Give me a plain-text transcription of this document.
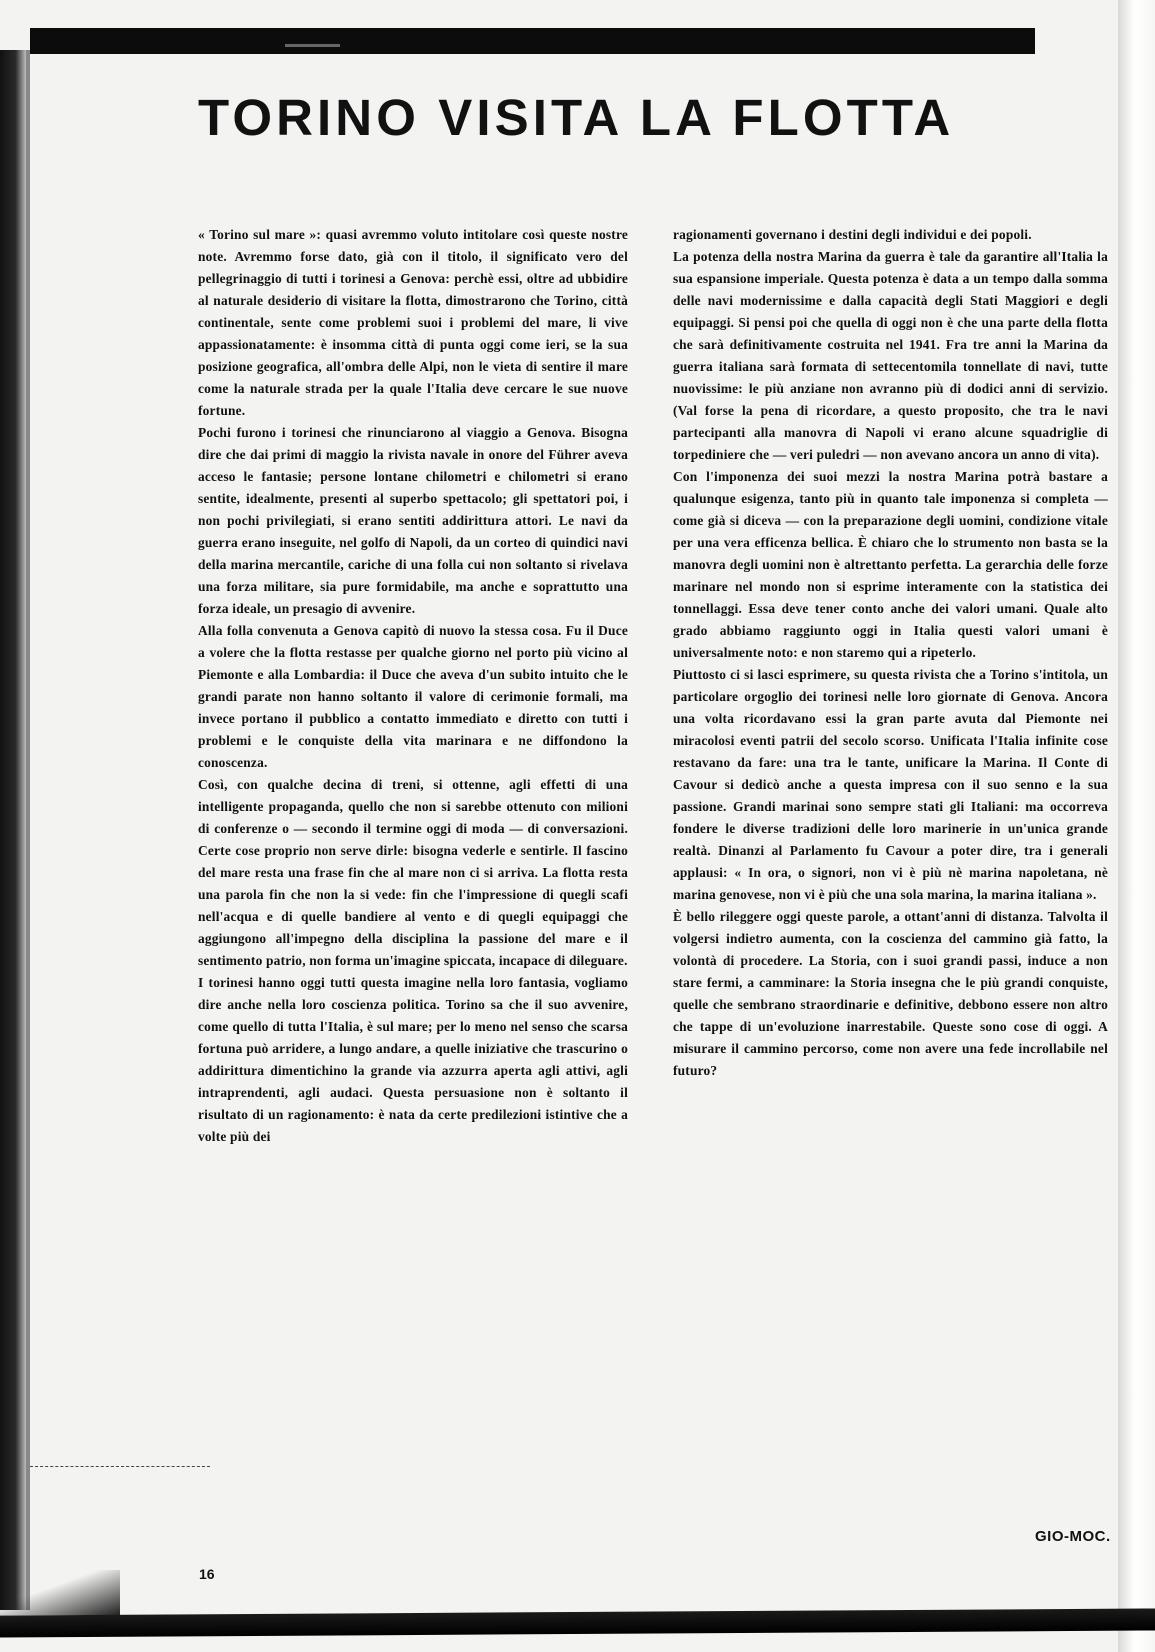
TORINO VISITA LA FLOTTA

« Torino sul mare »: quasi avremmo voluto intitolare così queste nostre note. Avremmo forse dato, già con il titolo, il significato vero del pellegrinaggio di tutti i torinesi a Genova: perchè essi, oltre ad ubbidire al naturale desiderio di visitare la flotta, dimostrarono che Torino, città continentale, sente come problemi suoi i problemi del mare, li vive appassionatamente: è insomma città di punta oggi come ieri, se la sua posizione geografica, all'ombra delle Alpi, non le vieta di sentire il mare come la naturale strada per la quale l'Italia deve cercare le sue nuove fortune.

Pochi furono i torinesi che rinunciarono al viaggio a Genova. Bisogna dire che dai primi di maggio la rivista navale in onore del Führer aveva acceso le fantasie; persone lontane chilometri e chilometri si erano sentite, idealmente, presenti al superbo spettacolo; gli spettatori poi, i non pochi privilegiati, si erano sentiti addirittura attori. Le navi da guerra erano inseguite, nel golfo di Napoli, da un corteo di quindici navi della marina mercantile, cariche di una folla cui non soltanto si rivelava una forza militare, sia pure formidabile, ma anche e soprattutto una forza ideale, un presagio di avvenire.

Alla folla convenuta a Genova capitò di nuovo la stessa cosa. Fu il Duce a volere che la flotta restasse per qualche giorno nel porto più vicino al Piemonte e alla Lombardia: il Duce che aveva d'un subito intuito che le grandi parate non hanno soltanto il valore di cerimonie formali, ma invece portano il pubblico a contatto immediato e diretto con tutti i problemi e le conquiste della vita marinara e ne diffondono la conoscenza.

Così, con qualche decina di treni, si ottenne, agli effetti di una intelligente propaganda, quello che non si sarebbe ottenuto con milioni di conferenze o — secondo il termine oggi di moda — di conversazioni. Certe cose proprio non serve dirle: bisogna vederle e sentirle. Il fascino del mare resta una frase fin che al mare non ci si arriva. La flotta resta una parola fin che non la si vede: fin che l'impressione di quegli scafi nell'acqua e di quelle bandiere al vento e di quegli equipaggi che aggiungono all'impegno della disciplina la passione del mare e il sentimento patrio, non forma un'imagine spiccata, incapace di dileguare.

I torinesi hanno oggi tutti questa imagine nella loro fantasia, vogliamo dire anche nella loro coscienza politica. Torino sa che il suo avvenire, come quello di tutta l'Italia, è sul mare; per lo meno nel senso che scarsa fortuna può arridere, a lungo andare, a quelle iniziative che trascurino o addirittura dimentichino la grande via azzurra aperta agli attivi, agli intraprendenti, agli audaci. Questa persuasione non è soltanto il risultato di un ragionamento: è nata da certe predilezioni istintive che a volte più dei

ragionamenti governano i destini degli individui e dei popoli.

La potenza della nostra Marina da guerra è tale da garantire all'Italia la sua espansione imperiale. Questa potenza è data a un tempo dalla somma delle navi modernissime e dalla capacità degli Stati Maggiori e degli equipaggi. Si pensi poi che quella di oggi non è che una parte della flotta che sarà definitivamente costruita nel 1941. Fra tre anni la Marina da guerra italiana sarà formata di settecentomila tonnellate di navi, tutte nuovissime: le più anziane non avranno più di dodici anni di servizio. (Val forse la pena di ricordare, a questo proposito, che tra le navi partecipanti alla manovra di Napoli vi erano alcune squadriglie di torpediniere che — veri puledri — non avevano ancora un anno di vita).

Con l'imponenza dei suoi mezzi la nostra Marina potrà bastare a qualunque esigenza, tanto più in quanto tale imponenza si completa — come già si diceva — con la preparazione degli uomini, condizione vitale per una vera efficenza bellica. È chiaro che lo strumento non basta se la manovra degli uomini non è altrettanto perfetta. La gerarchia delle forze marinare nel mondo non si esprime interamente con la statistica dei tonnellaggi. Essa deve tener conto anche dei valori umani. Quale alto grado abbiamo raggiunto oggi in Italia questi valori umani è universalmente noto: e non staremo qui a ripeterlo.

Piuttosto ci si lasci esprimere, su questa rivista che a Torino s'intitola, un particolare orgoglio dei torinesi nelle loro giornate di Genova. Ancora una volta ricordavano essi la gran parte avuta dal Piemonte nei miracolosi eventi patrii del secolo scorso. Unificata l'Italia infinite cose restavano da fare: una tra le tante, unificare la Marina. Il Conte di Cavour si dedicò anche a questa impresa con il suo senno e la sua passione. Grandi marinai sono sempre stati gli Italiani: ma occorreva fondere le diverse tradizioni delle loro marinerie in un'unica grande realtà. Dinanzi al Parlamento fu Cavour a poter dire, tra i generali applausi: « In ora, o signori, non vi è più nè marina napoletana, nè marina genovese, non vi è più che una sola marina, la marina italiana ».

È bello rileggere oggi queste parole, a ottant'anni di distanza. Talvolta il volgersi indietro aumenta, con la coscienza del cammino già fatto, la volontà di procedere. La Storia, con i suoi grandi passi, induce a non stare fermi, a camminare: la Storia insegna che le più grandi conquiste, quelle che sembrano straordinarie e definitive, debbono essere non altro che tappe di un'evoluzione inarrestabile. Queste sono cose di oggi. A misurare il cammino percorso, come non avere una fede incrollabile nel futuro?

GIO-MOC.

16
